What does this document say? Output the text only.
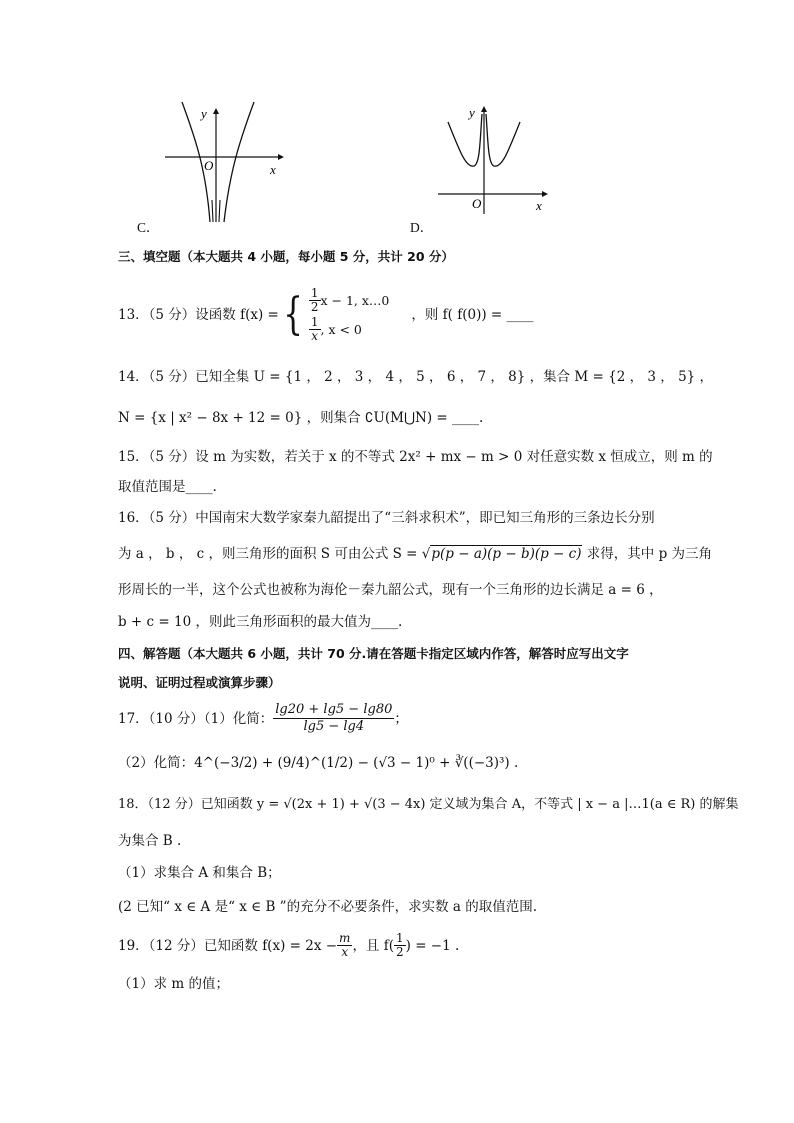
y
O	x
C．
y
O	x
D．
三、填空题（本大题共 4 小题，每小题 5 分，共计 20 分）
13．（5 分）设函数 f(x) = { $\frac{1}{2}$ x − 1, x…0
$\frac{1}{x}$ , x < 0
，则 f( f(0)) = ____
14．（5 分）已知全集 U = {1 ， 2 ， 3 ， 4 ， 5 ， 6 ， 7 ， 8} ，集合 M = {2 ， 3 ， 5} ，
N = {x | x² − 8x + 12 = 0} ，则集合 ∁U(M⋃N) = ____.
15．（5 分）设 m 为实数，若关于 x 的不等式 2x² + mx − m > 0 对任意实数 x 恒成立，则 m 的
取值范围是____.
16．（5 分）中国南宋大数学家秦九韶提出了“三斜求积术”，即已知三角形的三条边长分别
为 a ， b ， c ，则三角形的面积 S 可由公式 S = √p(p − a)(p − b)(p − c) 求得，其中 p 为三角
形周长的一半，这个公式也被称为海伦－秦九韶公式，现有一个三角形的边长满足 a = 6 ，
b + c = 10 ，则此三角形面积的最大值为____.
四、解答题（本大题共 6 小题，共计 70 分.请在答题卡指定区域内作答，解答时应写出文字
说明、证明过程或演算步骤）
17．（10 分）（1）化简： $\frac{\lg 20 + \lg 5 - \lg 80}{\lg 5 - \lg 4}$ ；
（2）化简：4^(−3/2) + (9/4)^(1/2) − (√3 − 1)⁰ + ∛((−3)³) .
18．（12 分）已知函数 y = √(2x + 1) + √(3 − 4x) 定义域为集合 A，不等式 | x − a |…1(a ∈ R) 的解集
为集合 B .
（1）求集合 A 和集合 B；
(2 已知“ x ∈ A 是“ x ∈ B ”的充分不必要条件，求实数 a 的取值范围.
19．（12 分）已知函数 $f(x) = 2x - \frac{m}{x}$ ，且 $f( \frac{1}{2}$ ) = −1 .
（1）求 m 的值；
